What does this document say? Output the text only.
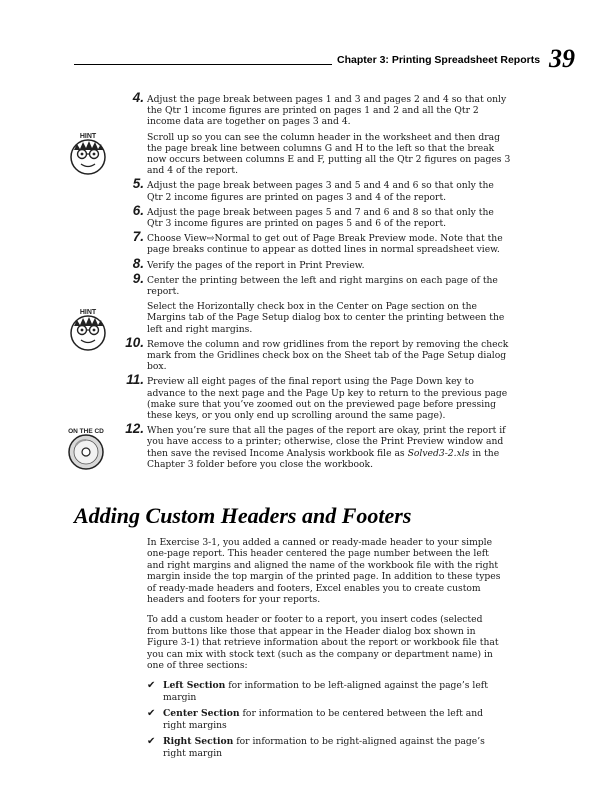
Chapter 3: Printing Spreadsheet Reports 39
HINT
HINT
ON THE CD
4. Adjust the page break between pages 1 and 3 and pages 2 and 4 so that only the Qtr 1 income figures are printed on pages 1 and 2 and all the Qtr 2 income data are together on pages 3 and 4.
Scroll up so you can see the column header in the worksheet and then drag the page break line between columns G and H to the left so that the break now occurs between columns E and F, putting all the Qtr 2 figures on pages 3 and 4 of the report.
5. Adjust the page break between pages 3 and 5 and 4 and 6 so that only the Qtr 2 income figures are printed on pages 3 and 4 of the report.
6. Adjust the page break between pages 5 and 7 and 6 and 8 so that only the Qtr 3 income figures are printed on pages 5 and 6 of the report.
7. Choose View⇨Normal to get out of Page Break Preview mode. Note that the page breaks continue to appear as dotted lines in normal spreadsheet view.
8. Verify the pages of the report in Print Preview.
9. Center the printing between the left and right margins on each page of the report.
Select the Horizontally check box in the Center on Page section on the Margins tab of the Page Setup dialog box to center the printing between the left and right margins.
10. Remove the column and row gridlines from the report by removing the check mark from the Gridlines check box on the Sheet tab of the Page Setup dialog box.
11. Preview all eight pages of the final report using the Page Down key to advance to the next page and the Page Up key to return to the previous page (make sure that you’ve zoomed out on the previewed page before pressing these keys, or you only end up scrolling around the same page).
12. When you’re sure that all the pages of the report are okay, print the report if you have access to a printer; otherwise, close the Print Preview window and then save the revised Income Analysis workbook file as Solved3-2.xls in the Chapter 3 folder before you close the workbook.
Adding Custom Headers and Footers

In Exercise 3-1, you added a canned or ready-made header to your simple one-page report. This header centered the page number between the left and right margins and aligned the name of the workbook file with the right margin inside the top margin of the printed page. In addition to these types of ready-made headers and footers, Excel enables you to create custom headers and footers for your reports.

To add a custom header or footer to a report, you insert codes (selected from buttons like those that appear in the Header dialog box shown in Figure 3-1) that retrieve information about the report or workbook file that you can mix with stock text (such as the company or department name) in one of three sections:

✔ Left Section for information to be left-aligned against the page’s left margin
✔ Center Section for information to be centered between the left and right margins
✔ Right Section for information to be right-aligned against the page’s right margin
